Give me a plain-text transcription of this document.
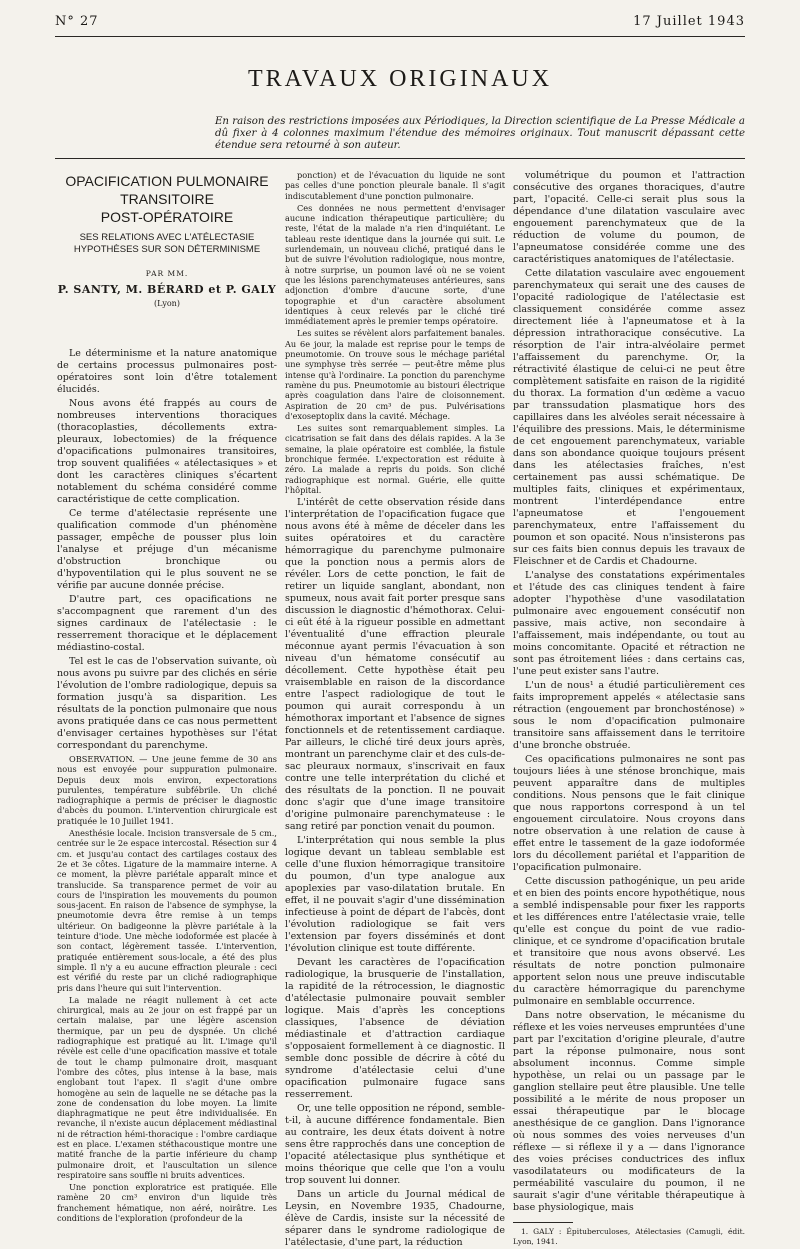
N° 27	17 Juillet 1943
TRAVAUX ORIGINAUX
En raison des restrictions imposées aux Périodiques, la Direction scientifique de La Presse Médicale a dû fixer à 4 colonnes maximum l'étendue des mémoires originaux. Tout manuscrit dépassant cette étendue sera retourné à son auteur.
OPACIFICATION PULMONAIRE
TRANSITOIRE
POST-OPÉRATOIRE
SES RELATIONS AVEC L'ATÉLECTASIE
HYPOTHÈSES SUR SON DÉTERMINISME
PAR MM.
P. SANTY, M. BÉRARD et P. GALY
(Lyon)

Le déterminisme et la nature anatomique de certains processus pulmonaires post-opératoires sont loin d'être totalement élucidés.

Nous avons été frappés au cours de nombreuses interventions thoraciques (thoracoplasties, décollements extra-pleuraux, lobectomies) de la fréquence d'opacifications pulmonaires transitoires, trop souvent qualifiées « atélectasiques » et dont les caractères cliniques s'écartent notablement du schéma considéré comme caractéristique de cette complication.

Ce terme d'atélectasie représente une qualification commode d'un phénomène passager, empêche de pousser plus loin l'analyse et préjuge d'un mécanisme d'obstruction bronchique ou d'hypoventilation qui le plus souvent ne se vérifie par aucune donnée précise.

D'autre part, ces opacifications ne s'accompagnent que rarement d'un des signes cardinaux de l'atélectasie : le resserrement thoracique et le déplacement médiastino-costal.

Tel est le cas de l'observation suivante, où nous avons pu suivre par des clichés en série l'évolution de l'ombre radiologique, depuis sa formation jusqu'à sa disparition. Les résultats de la ponction pulmonaire que nous avons pratiquée dans ce cas nous permettent d'envisager certaines hypothèses sur l'état correspondant du parenchyme.

OBSERVATION. — Une jeune femme de 30 ans nous est envoyée pour suppuration pulmonaire. Depuis deux mois environ, expectorations purulentes, température subfébrile. Un cliché radiographique a permis de préciser le diagnostic d'abcès du poumon. L'intervention chirurgicale est pratiquée le 10 Juillet 1941.

Anesthésie locale. Incision transversale de 5 cm., centrée sur le 2e espace intercostal. Résection sur 4 cm. et jusqu'au contact des cartilages costaux des 2e et 3e côtes. Ligature de la mammaire interne. A ce moment, la plèvre pariétale apparaît mince et translucide. Sa transparence permet de voir au cours de l'inspiration les mouvements du poumon sous-jacent. En raison de l'absence de symphyse, la pneumotomie devra être remise à un temps ultérieur. On badigeonne la plèvre pariétale à la teinture d'iode. Une mèche iodoformée est placée à son contact, légèrement tassée. L'intervention, pratiquée entièrement sous-locale, a été des plus simple. Il n'y a eu aucune effraction pleurale : ceci est vérifié du reste par un cliché radiographique pris dans l'heure qui suit l'intervention.

La malade ne réagit nullement à cet acte chirurgical, mais au 2e jour on est frappé par un certain malaise, par une légère ascension thermique, par un peu de dyspnée. Un cliché radiographique est pratiqué au lit. L'image qu'il révèle est celle d'une opacification massive et totale de tout le champ pulmonaire droit, masquant l'ombre des côtes, plus intense à la base, mais englobant tout l'apex. Il s'agit d'une ombre homogène au sein de laquelle ne se détache pas la zone de condensation du lobe moyen. La limite diaphragmatique ne peut être individualisée. En revanche, il n'existe aucun déplacement médiastinal ni de rétraction hémi-thoracique : l'ombre cardiaque est en place. L'examen stéthacoustique montre une matité franche de la partie inférieure du champ pulmonaire droit, et l'auscultation un silence respiratoire sans souffle ni bruits adventices.

Une ponction exploratrice est pratiquée. Elle ramène 20 cm³ environ d'un liquide très franchement hématique, non aéré, noirâtre. Les conditions de l'exploration (profondeur de la

ponction) et de l'évacuation du liquide ne sont pas celles d'une ponction pleurale banale. Il s'agit indiscutablement d'une ponction pulmonaire.

Ces données ne nous permettent d'envisager aucune indication thérapeutique particulière; du reste, l'état de la malade n'a rien d'inquiétant. Le tableau reste identique dans la journée qui suit. Le surlendemain, un nouveau cliché, pratiqué dans le but de suivre l'évolution radiologique, nous montre, à notre surprise, un poumon lavé où ne se voient que les lésions parenchymateuses antérieures, sans adjonction d'ombre d'aucune sorte, d'une topographie et d'un caractère absolument identiques à ceux relevés par le cliché tiré immédiatement après le premier temps opératoire.

Les suites se révèlent alors parfaitement banales. Au 6e jour, la malade est reprise pour le temps de pneumotomie. On trouve sous le méchage pariétal une symphyse très serrée — peut-être même plus intense qu'à l'ordinaire. La ponction du parenchyme ramène du pus. Pneumotomie au bistouri électrique après coagulation dans l'aire de cloisonnement. Aspiration de 20 cm³ de pus. Pulvérisations d'exoseptoplix dans la cavité. Méchage.

Les suites sont remarquablement simples. La cicatrisation se fait dans des délais rapides. A la 3e semaine, la plaie opératoire est comblée, la fistule bronchique fermée. L'expectoration est réduite à zéro. La malade a repris du poids. Son cliché radiographique est normal. Guérie, elle quitte l'hôpital.

L'intérêt de cette observation réside dans l'interprétation de l'opacification fugace que nous avons été à même de déceler dans les suites opératoires et du caractère hémorragique du parenchyme pulmonaire que la ponction nous a permis alors de révéler. Lors de cette ponction, le fait de retirer un liquide sanglant, abondant, non spumeux, nous avait fait porter presque sans discussion le diagnostic d'hémothorax. Celui-ci eût été à la rigueur possible en admettant l'éventualité d'une effraction pleurale méconnue ayant permis l'évacuation à son niveau d'un hématome consécutif au décollement. Cette hypothèse était peu vraisemblable en raison de la discordance entre l'aspect radiologique de tout le poumon qui aurait correspondu à un hémothorax important et l'absence de signes fonctionnels et de retentissement cardiaque. Par ailleurs, le cliché tiré deux jours après, montrant un parenchyme clair et des culs-de-sac pleuraux normaux, s'inscrivait en faux contre une telle interprétation du cliché et des résultats de la ponction. Il ne pouvait donc s'agir que d'une image transitoire d'origine pulmonaire parenchymateuse : le sang retiré par ponction venait du poumon.

L'interprétation qui nous semble la plus logique devant un tableau semblable est celle d'une fluxion hémorragique transitoire du poumon, d'un type analogue aux apoplexies par vaso-dilatation brutale. En effet, il ne pouvait s'agir d'une dissémination infectieuse à point de départ de l'abcès, dont l'évolution radiologique se fait vers l'extension par foyers disséminés et dont l'évolution clinique est toute différente.

Devant les caractères de l'opacification radiologique, la brusquerie de l'installation, la rapidité de la rétrocession, le diagnostic d'atélectasie pulmonaire pouvait sembler logique. Mais d'après les conceptions classiques, l'absence de déviation médiastinale et d'attraction cardiaque s'opposaient formellement à ce diagnostic. Il semble donc possible de décrire à côté du syndrome d'atélectasie celui d'une opacification pulmonaire fugace sans resserrement.

Or, une telle opposition ne répond, semble-t-il, à aucune différence fondamentale. Bien au contraire, les deux états doivent à notre sens être rapprochés dans une conception de l'opacité atélectasique plus synthétique et moins théorique que celle que l'on a voulu trop souvent lui donner.

Dans un article du Journal médical de Leysin, en Novembre 1935, Chadourne, élève de Cardis, insiste sur la nécessité de séparer dans le syndrome radiologique de l'atélectasie, d'une part, la réduction

volumétrique du poumon et l'attraction consécutive des organes thoraciques, d'autre part, l'opacité. Celle-ci serait plus sous la dépendance d'une dilatation vasculaire avec engouement parenchymateux que de la réduction de volume du poumon, de l'apneumatose considérée comme une des caractéristiques anatomiques de l'atélectasie.

Cette dilatation vasculaire avec engouement parenchymateux qui serait une des causes de l'opacité radiologique de l'atélectasie est classiquement considérée comme assez directement liée à l'apneumatose et à la dépression intrathoracique consécutive. La résorption de l'air intra-alvéolaire permet l'affaissement du parenchyme. Or, la rétractivité élastique de celui-ci ne peut être complètement satisfaite en raison de la rigidité du thorax. La formation d'un œdème a vacuo par transsudation plasmatique hors des capillaires dans les alvéoles serait nécessaire à l'équilibre des pressions. Mais, le déterminisme de cet engouement parenchymateux, variable dans son abondance quoique toujours présent dans les atélectasies fraîches, n'est certainement pas aussi schématique. De multiples faits, cliniques et expérimentaux, montrent l'interdépendance entre l'apneumatose et l'engouement parenchymateux, entre l'affaissement du poumon et son opacité. Nous n'insisterons pas sur ces faits bien connus depuis les travaux de Fleischner et de Cardis et Chadourne.

L'analyse des constatations expérimentales et l'étude des cas cliniques tendent à faire adopter l'hypothèse d'une vasodilatation pulmonaire avec engouement consécutif non passive, mais active, non secondaire à l'affaissement, mais indépendante, ou tout au moins concomitante. Opacité et rétraction ne sont pas étroitement liées : dans certains cas, l'une peut exister sans l'autre.

L'un de nous¹ a étudié particulièrement ces faits improprement appelés « atélectasie sans rétraction (engouement par bronchosténose) » sous le nom d'opacification pulmonaire transitoire sans affaissement dans le territoire d'une bronche obstruée.

Ces opacifications pulmonaires ne sont pas toujours liées à une sténose bronchique, mais peuvent apparaître dans de multiples conditions. Nous pensons que le fait clinique que nous rapportons correspond à un tel engouement circulatoire. Nous croyons dans notre observation à une relation de cause à effet entre le tassement de la gaze iodoformée lors du décollement pariétal et l'apparition de l'opacification pulmonaire.

Cette discussion pathogénique, un peu aride et en bien des points encore hypothétique, nous a semblé indispensable pour fixer les rapports et les différences entre l'atélectasie vraie, telle qu'elle est conçue du point de vue radio-clinique, et ce syndrome d'opacification brutale et transitoire que nous avons observé. Les résultats de notre ponction pulmonaire apportent selon nous une preuve indiscutable du caractère hémorragique du parenchyme pulmonaire en semblable occurrence.

Dans notre observation, le mécanisme du réflexe et les voies nerveuses empruntées d'une part par l'excitation d'origine pleurale, d'autre part la réponse pulmonaire, nous sont absolument inconnus. Comme simple hypothèse, un relai ou un passage par le ganglion stellaire peut être plausible. Une telle possibilité a le mérite de nous proposer un essai thérapeutique par le blocage anesthésique de ce ganglion. Dans l'ignorance où nous sommes des voies nerveuses d'un réflexe — si réflexe il y a — dans l'ignorance des voies précises conductrices des influx vasodilatateurs ou modificateurs de la perméabilité vasculaire du poumon, il ne saurait s'agir d'une véritable thérapeutique à base physiologique, mais

1. GALY : Épituberculoses, Atélectasies (Camugli, édit. Lyon, 1941.
